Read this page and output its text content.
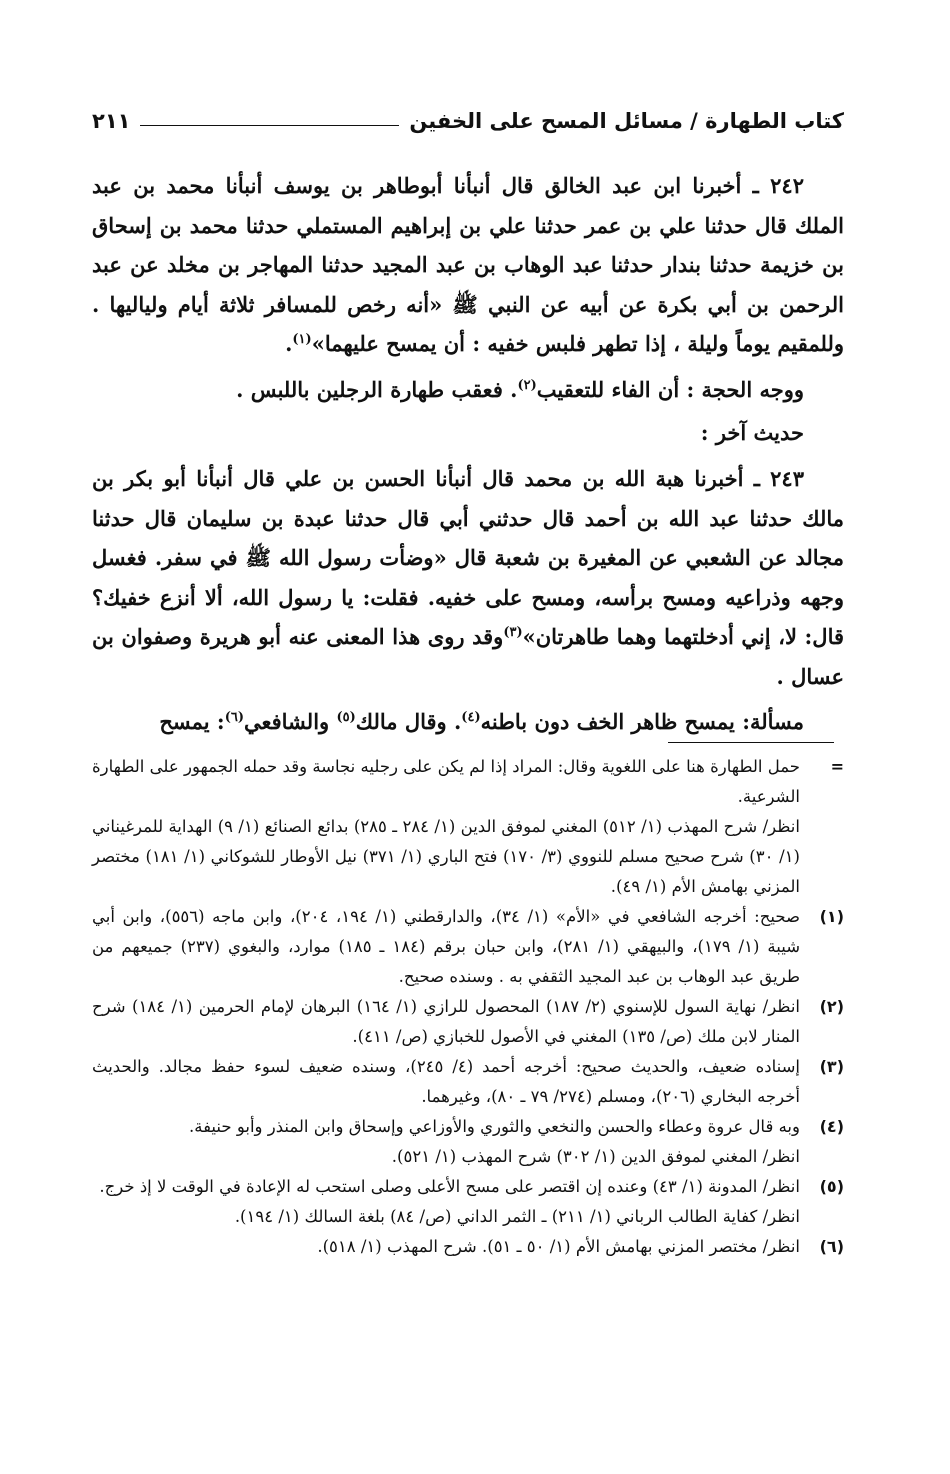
كتاب الطهارة / مسائل المسح على الخفين
٢١١

٢٤٢ ـ أخبرنا ابن عبد الخالق قال أنبأنا أبوطاهر بن يوسف أنبأنا محمد بن عبد الملك قال حدثنا علي بن عمر حدثنا علي بن إبراهيم المستملي حدثنا محمد بن إسحاق بن خزيمة حدثنا بندار حدثنا عبد الوهاب بن عبد المجيد حدثنا المهاجر بن مخلد عن عبد الرحمن بن أبي بكرة عن أبيه عن النبي ﷺ «أنه رخص للمسافر ثلاثة أيام ولياليها . وللمقيم يوماً وليلة ، إذا تطهر فلبس خفيه : أن يمسح عليهما»$^{(١)}$.

ووجه الحجة : أن الفاء للتعقيب$^{(٢)}$. فعقب طهارة الرجلين باللبس .

حديث آخر :

٢٤٣ ـ أخبرنا هبة الله بن محمد قال أنبأنا الحسن بن علي قال أنبأنا أبو بكر بن مالك حدثنا عبد الله بن أحمد قال حدثني أبي قال حدثنا عبدة بن سليمان قال حدثنا مجالد عن الشعبي عن المغيرة بن شعبة قال «وضأت رسول الله ﷺ في سفر. فغسل وجهه وذراعيه ومسح برأسه، ومسح على خفيه. فقلت: يا رسول الله، ألا أنزع خفيك؟ قال: لا، إني أدخلتهما وهما طاهرتان»$^{(٣)}$وقد روى هذا المعنى عنه أبو هريرة وصفوان بن عسال .

مسألة: يمسح ظاهر الخف دون باطنه$^{(٤)}$. وقال مالك$^{(٥)}$ والشافعي$^{(٦)}$: يمسح

=
حمل الطهارة هنا على اللغوية وقال: المراد إذا لم يكن على رجليه نجاسة وقد حمله الجمهور على الطهارة الشرعية.
انظر/ شرح المهذب (١/ ٥١٢) المغني لموفق الدين (١/ ٢٨٤ ـ ٢٨٥) بدائع الصنائع (١/ ٩) الهداية للمرغيناني (١/ ٣٠) شرح صحيح مسلم للنووي (٣/ ١٧٠) فتح الباري (١/ ٣٧١) نيل الأوطار للشوكاني (١/ ١٨١) مختصر المزني بهامش الأم (١/ ٤٩).
(١)
صحيح: أخرجه الشافعي في «الأم» (١/ ٣٤)، والدارقطني (١/ ١٩٤، ٢٠٤)، وابن ماجه (٥٥٦)، وابن أبي شيبة (١/ ١٧٩)، والبيهقي (١/ ٢٨١)، وابن حبان برقم (١٨٤ ـ ١٨٥) موارد، والبغوي (٢٣٧) جميعهم من طريق عبد الوهاب بن عبد المجيد الثقفي به . وسنده صحيح.
(٢)
انظر/ نهاية السول للإسنوي (٢/ ١٨٧) المحصول للرازي (١/ ١٦٤) البرهان لإمام الحرمين (١/ ١٨٤) شرح المنار لابن ملك (ص/ ١٣٥) المغني في الأصول للخبازي (ص/ ٤١١).
(٣)
إسناده ضعيف، والحديث صحيح: أخرجه أحمد (٤/ ٢٤٥)، وسنده ضعيف لسوء حفظ مجالد. والحديث أخرجه البخاري (٢٠٦)، ومسلم (٢٧٤/ ٧٩ ـ ٨٠)، وغيرهما.
(٤)
وبه قال عروة وعطاء والحسن والنخعي والثوري والأوزاعي وإسحاق وابن المنذر وأبو حنيفة.
انظر/ المغني لموفق الدين (١/ ٣٠٢) شرح المهذب (١/ ٥٢١).
(٥)
انظر/ المدونة (١/ ٤٣) وعنده إن اقتصر على مسح الأعلى وصلى استحب له الإعادة في الوقت لا إذ خرج.
انظر/ كفاية الطالب الرباني (١/ ٢١١) ـ الثمر الداني (ص/ ٨٤) بلغة السالك (١/ ١٩٤).
(٦)
انظر/ مختصر المزني بهامش الأم (١/ ٥٠ ـ ٥١). شرح المهذب (١/ ٥١٨).
